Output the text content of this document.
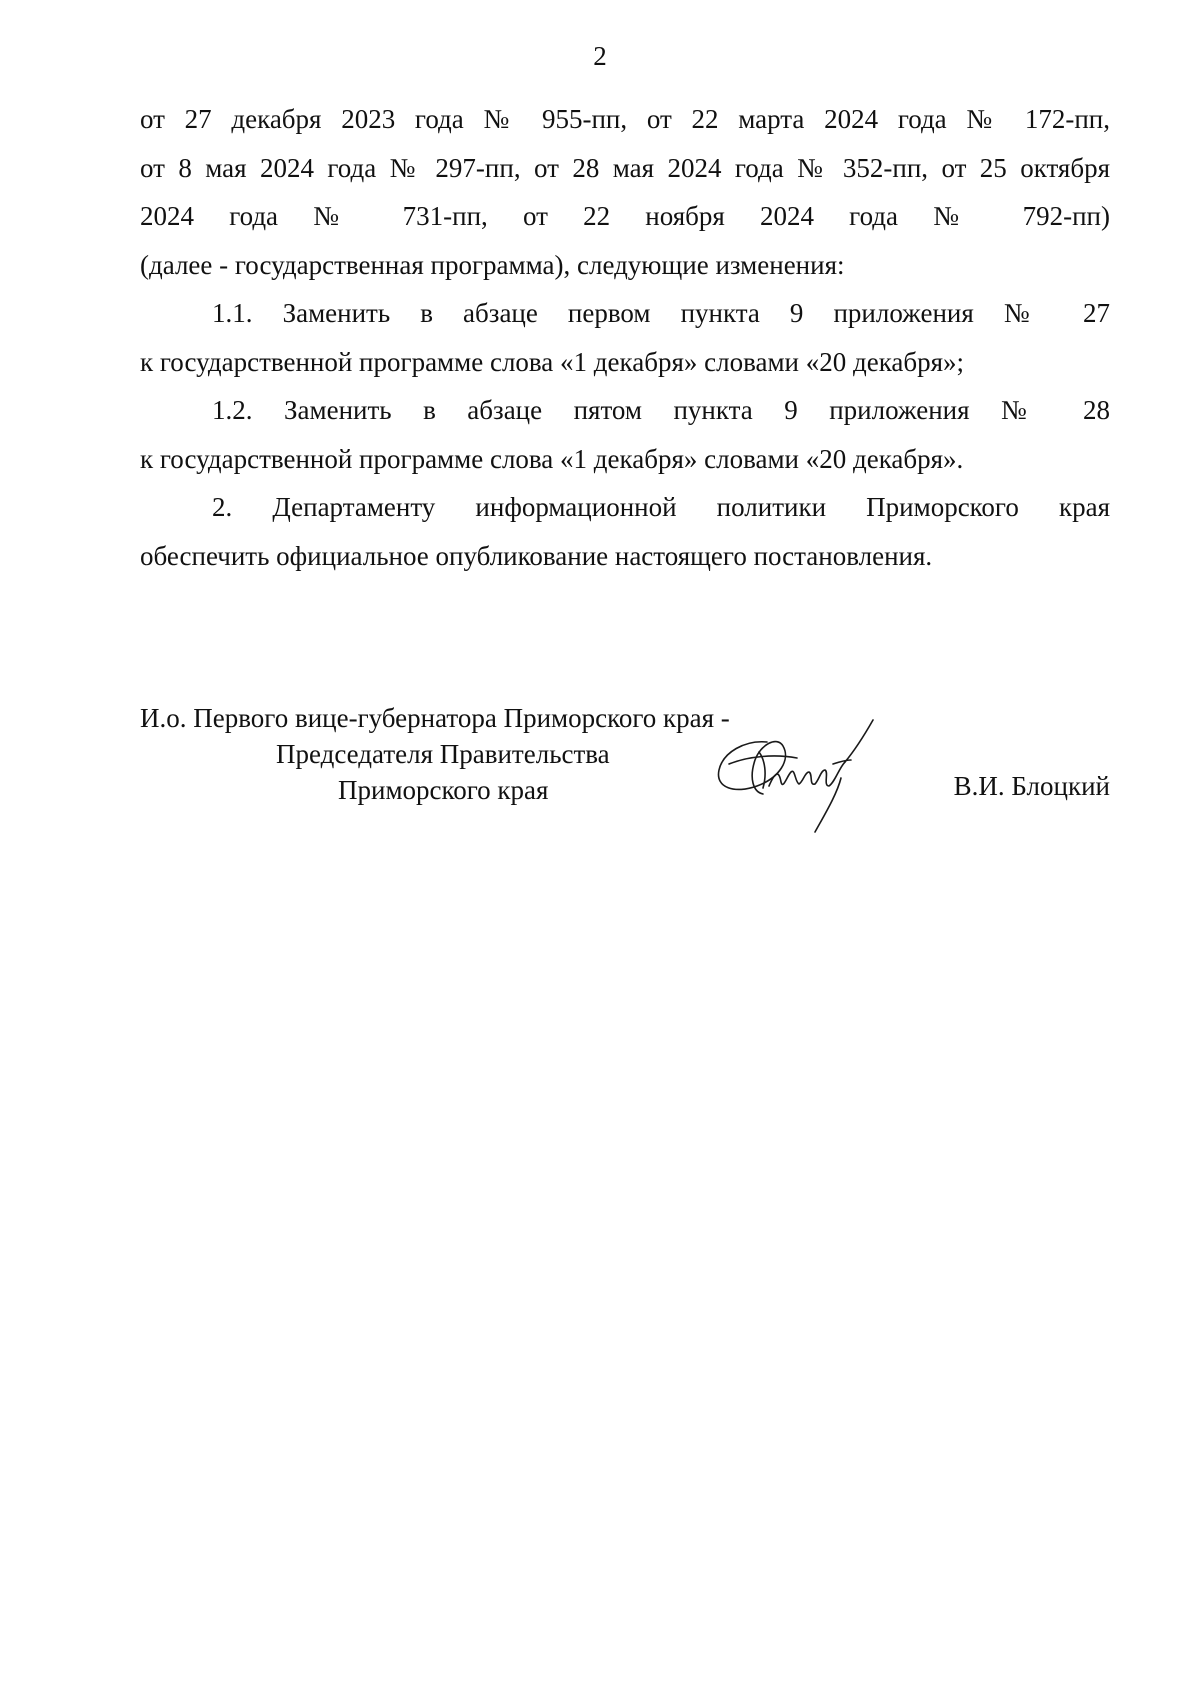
2

от 27 декабря 2023 года № 955-пп, от 22 марта 2024 года № 172-пп,

от 8 мая 2024 года № 297-пп, от 28 мая 2024 года № 352-пп, от 25 октября

2024 года № 731-пп, от 22 ноября 2024 года № 792-пп)

(далее - государственная программа), следующие изменения:

1.1. Заменить в абзаце первом пункта 9 приложения № 27

к государственной программе слова «1 декабря» словами «20 декабря»;

1.2. Заменить в абзаце пятом пункта 9 приложения № 28

к государственной программе слова «1 декабря» словами «20 декабря».

2. Департаменту информационной политики Приморского края

обеспечить официальное опубликование настоящего постановления.

И.о. Первого вице-губернатора Приморского края -
Председателя Правительства
Приморского края	В.И. Блоцкий
